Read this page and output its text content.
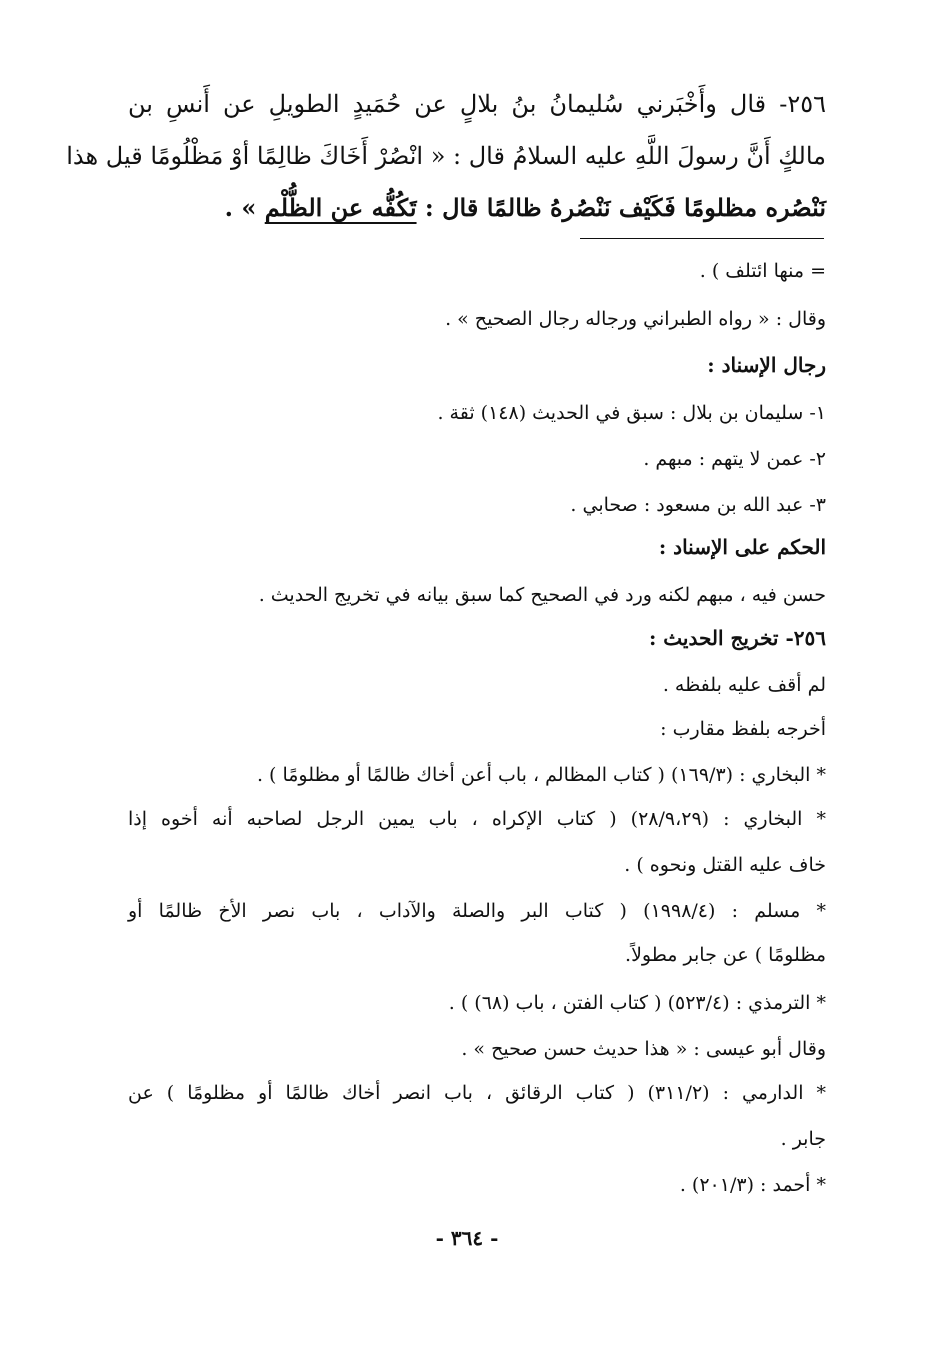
٢٥٦- قال وأَخْبَرني سُليمانُ بنُ بلالٍ عن حُمَيدٍ الطويلِ عن أَنسِ بن
مالكٍ أَنَّ رسولَ اللَّهِ عليه السلامُ قال : « انْصُرْ أَخَاكَ ظالِمًا أوْ مَظْلُومًا قيل هذا
نَنْصُره مظلومًا فَكَيْف نَنْصُرهُ ظالمًا قال : تَكُفُّه عن الظُّلْم » .
= منها ائتلف ) .
وقال : « رواه الطبراني ورجاله رجال الصحيح » .
رجال الإسناد :
١- سليمان بن بلال : سبق في الحديث (١٤٨) ثقة .
٢- عمن لا يتهم : مبهم .
٣- عبد الله بن مسعود : صحابي .
الحكم على الإسناد :
حسن فيه ، مبهم لكنه ورد في الصحيح كما سبق بيانه في تخريج الحديث .
٢٥٦- تخريج الحديث :
لم أقف عليه بلفظه .
أخرجه بلفظ مقارب :
* البخاري : (١٦٩/٣) ( كتاب المظالم ، باب أعن أخاك ظالمًا أو مظلومًا ) .
* البخاري : (٢٨/٩،٢٩) ( كتاب الإكراه ، باب يمين الرجل لصاحبه أنه أخوه إذا
خاف عليه القتل ونحوه ) .
* مسلم : (١٩٩٨/٤) ( كتاب البر والصلة والآداب ، باب نصر الأخ ظالمًا أو
مظلومًا ) عن جابر مطولاً.
* الترمذي : (٥٢٣/٤) ( كتاب الفتن ، باب (٦٨) ) .
وقال أبو عيسى : « هذا حديث حسن صحيح » .
* الدارمي : (٣١١/٢) ( كتاب الرقائق ، باب انصر أخاك ظالمًا أو مظلومًا ) عن
جابر .
* أحمد : (٢٠١/٣) .
- ٣٦٤ -
